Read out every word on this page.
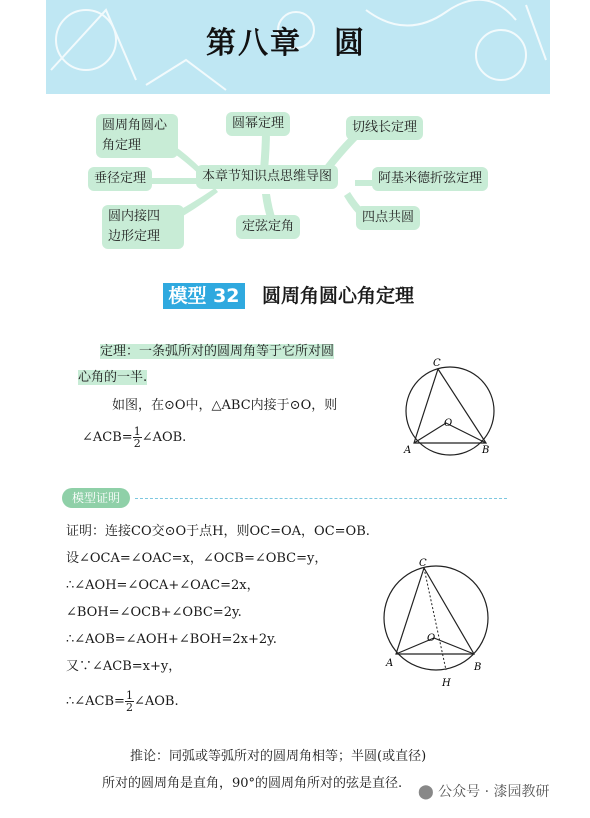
第八章　圆
圆周角圆心
角定理
圆幂定理	切线长定理
垂径定理	本章节知识点思维导图	阿基米德折弦定理
圆内接四
边形定理
定弦定角
四点共圆
模型 32 圆周角圆心角定理
定理：一条弧所对的圆周角等于它所对圆
心角的一半.
如图，在⊙O中，△ABC内接于⊙O，则
∠ACB= $\frac{1}{2}$ ∠AOB.
C
O
A	B
模型证明
证明：连接CO交⊙O于点H，则OC=OA，OC=OB.
设∠OCA=∠OAC=x，∠OCB=∠OBC=y，
∴∠AOH=∠OCA+∠OAC=2x，
∠BOH=∠OCB+∠OBC=2y.
∴∠AOB=∠AOH+∠BOH=2x+2y.
又∵∠ACB=x+y，
∴∠ACB= $\frac{1}{2}$ ∠AOB.
C
O
A	B
H
推论：同弧或等弧所对的圆周角相等；半圆(或直径)
所对的圆周角是直角，90°的圆周角所对的弦是直径.
⬤ 公众号 · 漆园教研
